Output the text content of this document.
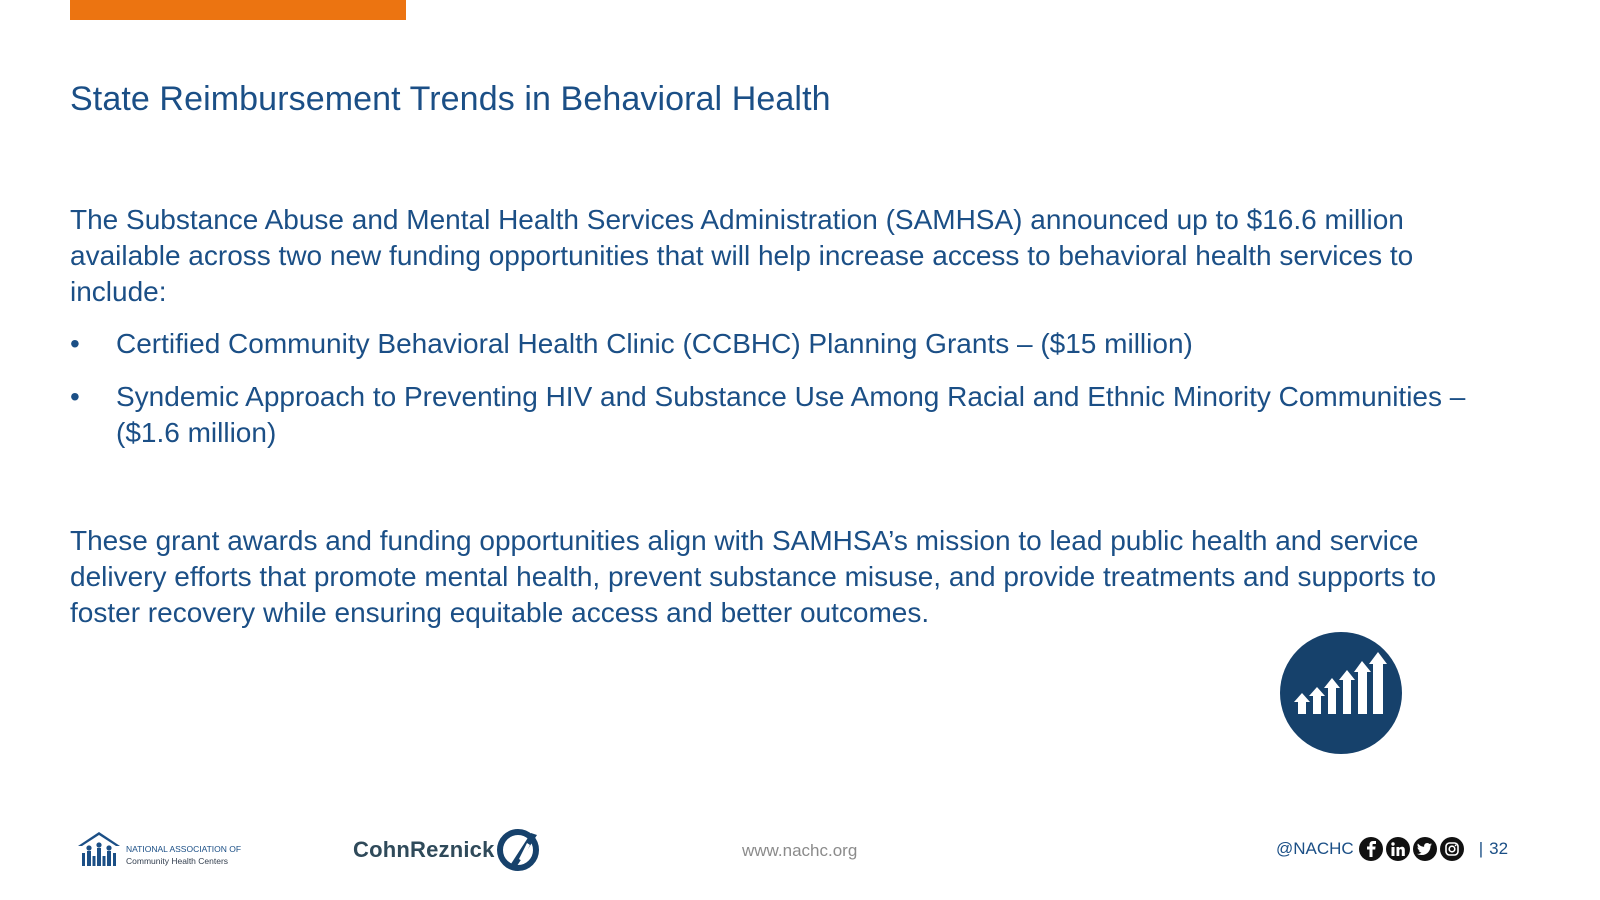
State Reimbursement Trends in Behavioral Health

The Substance Abuse and Mental Health Services Administration (SAMHSA) announced up to $16.6 million available across two new funding opportunities that will help increase access to behavioral health services to include:

• Certified Community Behavioral Health Clinic (CCBHC) Planning Grants – ($15 million)
• Syndemic Approach to Preventing HIV and Substance Use Among Racial and Ethnic Minority Communities – ($1.6 million)

These grant awards and funding opportunities align with SAMHSA’s mission to lead public health and service delivery efforts that promote mental health, prevent substance misuse, and provide treatments and supports to foster recovery while ensuring equitable access and better outcomes.

NATIONAL ASSOCIATION OF
Community Health Centers	CohnReznick	www.nachc.org	@NACHC	| 32
